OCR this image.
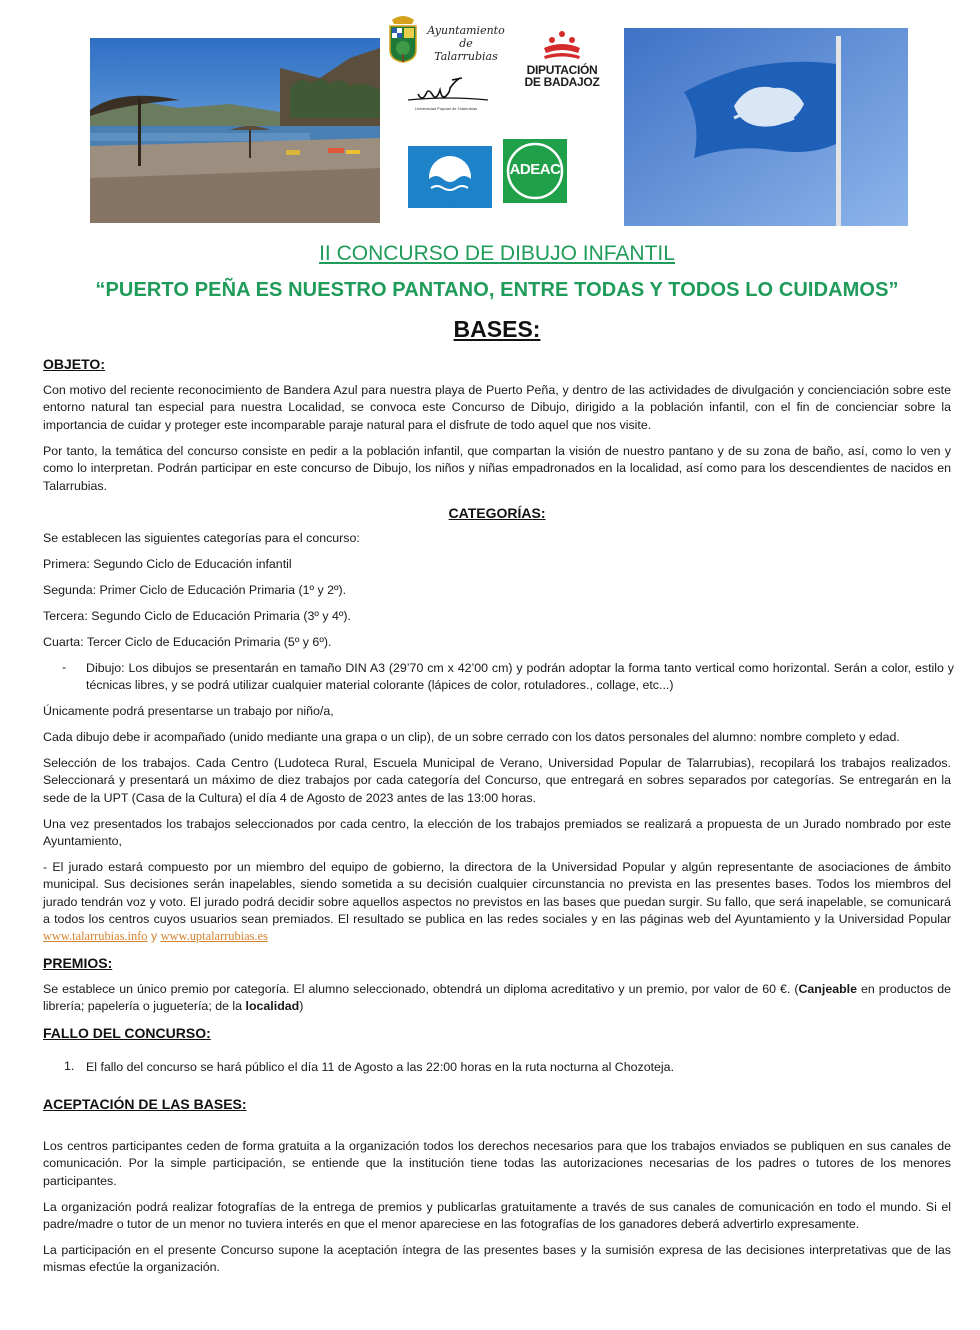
Ayuntamiento de Talarrubias
Universidad Popular de Talarrubias
DIPUTACIÓN
DE BADAJOZ
ADEAC
II CONCURSO DE DIBUJO INFANTIL
“PUERTO PEÑA ES NUESTRO PANTANO, ENTRE TODAS Y TODOS LO CUIDAMOS”
BASES:
OBJETO:
Con motivo del reciente reconocimiento de Bandera Azul para nuestra playa de Puerto Peña, y dentro de las actividades de divulgación y concienciación sobre este entorno natural tan especial para nuestra Localidad, se convoca este Concurso de Dibujo, dirigido a la población infantil, con el fin de concienciar sobre la importancia de cuidar y proteger este incomparable paraje natural para el disfrute de todo aquel que nos visite.
Por tanto, la temática del concurso consiste en pedir a la población infantil, que compartan la visión de nuestro pantano y de su zona de baño, así, como lo ven y como lo interpretan. Podrán participar en este concurso de Dibujo, los niños y niñas empadronados en la localidad, así como para los descendientes de nacidos en Talarrubias.
CATEGORÍAS:
Se establecen las siguientes categorías para el concurso:
Primera: Segundo Ciclo de Educación infantil
Segunda: Primer Ciclo de Educación Primaria (1º y 2º).
Tercera: Segundo Ciclo de Educación Primaria (3º y 4º).
Cuarta: Tercer Ciclo de Educación Primaria (5º y 6º).
- Dibujo: Los dibujos se presentarán en tamaño DIN A3 (29’70 cm x 42’00 cm) y podrán adoptar la forma tanto vertical como horizontal. Serán a color, estilo y técnicas libres, y se podrá utilizar cualquier material colorante (lápices de color, rotuladores., collage, etc...)
Únicamente podrá presentarse un trabajo por niño/a,
Cada dibujo debe ir acompañado (unido mediante una grapa o un clip), de un sobre cerrado con los datos personales del alumno: nombre completo y edad.
Selección de los trabajos. Cada Centro (Ludoteca Rural, Escuela Municipal de Verano, Universidad Popular de Talarrubias), recopilará los trabajos realizados. Seleccionará y presentará un máximo de diez trabajos por cada categoría del Concurso, que entregará en sobres separados por categorías. Se entregarán en la sede de la UPT (Casa de la Cultura) el día 4 de Agosto de 2023 antes de las 13:00 horas.
Una vez presentados los trabajos seleccionados por cada centro, la elección de los trabajos premiados se realizará a propuesta de un Jurado nombrado por este Ayuntamiento,
- El jurado estará compuesto por un miembro del equipo de gobierno, la directora de la Universidad Popular y algún representante de asociaciones de ámbito municipal. Sus decisiones serán inapelables, siendo sometida a su decisión cualquier circunstancia no prevista en las presentes bases. Todos los miembros del jurado tendrán voz y voto. El jurado podrá decidir sobre aquellos aspectos no previstos en las bases que puedan surgir. Su fallo, que será inapelable, se comunicará a todos los centros cuyos usuarios sean premiados. El resultado se publica en las redes sociales y en las páginas web del Ayuntamiento y la Universidad Popular www.talarrubias.info y www.uptalarrubias.es
PREMIOS:
Se establece un único premio por categoría. El alumno seleccionado, obtendrá un diploma acreditativo y un premio, por valor de 60 €. (Canjeable en productos de librería; papelería o juguetería; de la localidad)
FALLO DEL CONCURSO:
1. El fallo del concurso se hará público el día 11 de Agosto a las 22:00 horas en la ruta nocturna al Chozoteja.
ACEPTACIÓN DE LAS BASES:
Los centros participantes ceden de forma gratuita a la organización todos los derechos necesarios para que los trabajos enviados se publiquen en sus canales de comunicación. Por la simple participación, se entiende que la institución tiene todas las autorizaciones necesarias de los padres o tutores de los menores participantes.
La organización podrá realizar fotografías de la entrega de premios y publicarlas gratuitamente a través de sus canales de comunicación en todo el mundo. Si el padre/madre o tutor de un menor no tuviera interés en que el menor apareciese en las fotografías de los ganadores deberá advertirlo expresamente.
La participación en el presente Concurso supone la aceptación íntegra de las presentes bases y la sumisión expresa de las decisiones interpretativas que de las mismas efectúe la organización.
